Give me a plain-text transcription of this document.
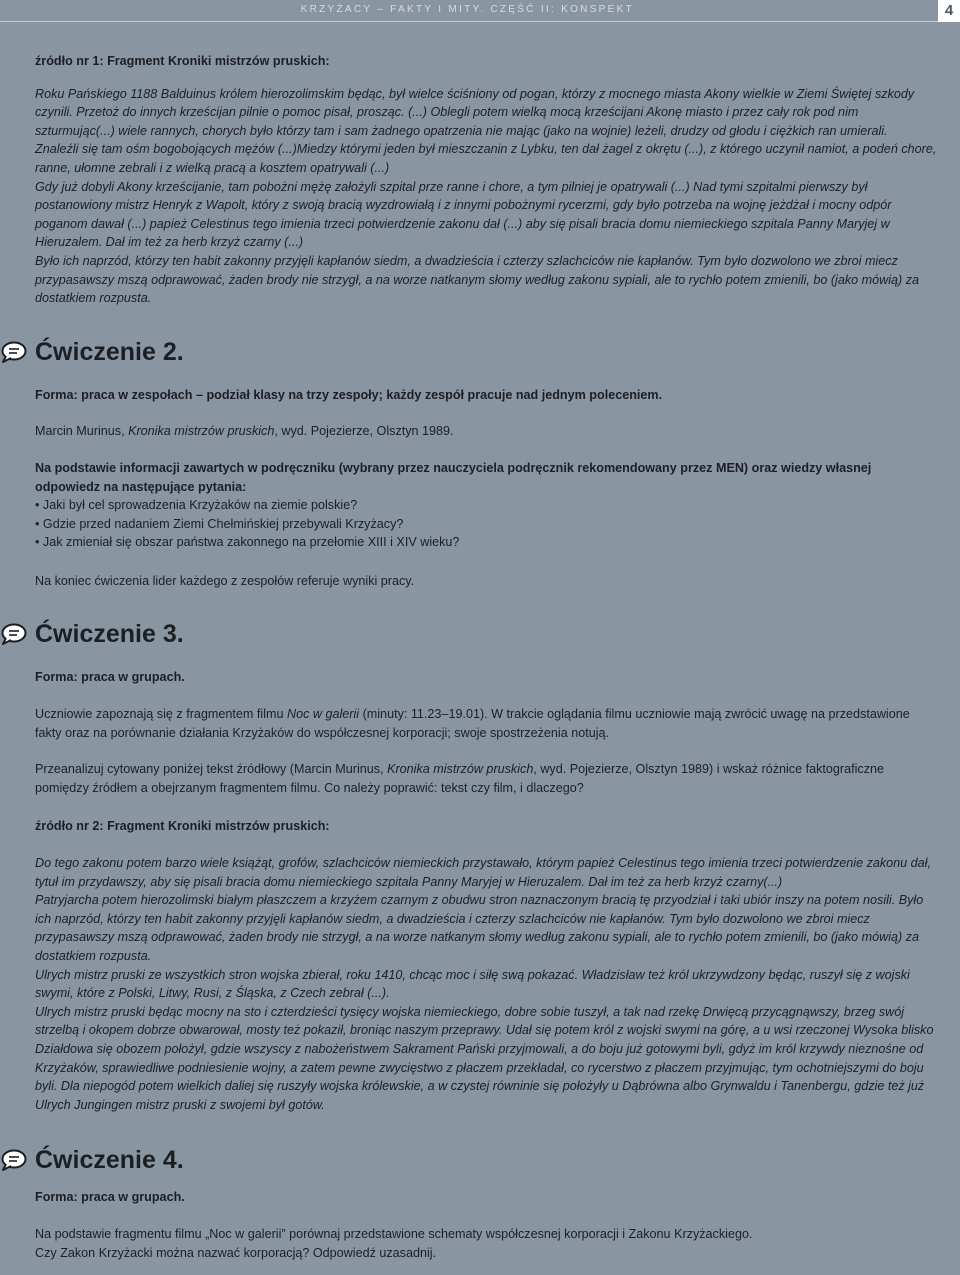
KRZYŻACY – FAKTY I MITY. CZĘŚĆ II: KONSPEKT	4

źródło nr 1: Fragment Kroniki mistrzów pruskich:

Roku Pańskiego 1188 Balduinus królem hierozolimskim będąc, był wielce ściśniony od pogan, którzy z mocnego miasta Akony wielkie w Ziemi Świętej szkody czynili. Przetoż do innych krześcijan pilnie o pomoc pisał, prosząc. (...) Oblegli potem wielką mocą krześcijani Akonę miasto i przez cały rok pod nim szturmując(...) wiele rannych, chorych było którzy tam i sam żadnego opatrzenia nie mając (jako na wojnie) leżeli, drudzy od głodu i ciężkich ran umierali.

Znaleźli się tam ośm bogobojących mężów (...)Miedzy którymi jeden był mieszczanin z Lybku, ten dał żagel z okrętu (...), z którego uczynił namiot, a podeń chore, ranne, ułomne zebrali i z wielką pracą a kosztem opatrywali (...)

Gdy już dobyli Akony krześcijanie, tam pobożni mężę założyli szpital prze ranne i chore, a tym pilniej je opatrywali (...) Nad tymi szpitalmi pierwszy był postanowiony mistrz Henryk z Wapolt, który z swoją bracią wyzdrowiałą i z innymi pobożnymi rycerzmi, gdy było potrzeba na wojnę jeżdżał i mocny odpór poganom dawał (...) papież Celestinus tego imienia trzeci potwierdzenie zakonu dał (...) aby się pisali bracia domu niemieckiego szpitala Panny Maryjej w Hieruzalem. Dał im też za herb krzyż czarny (...)

Było ich naprzód, którzy ten habit zakonny przyjęli kapłanów siedm, a dwadzieścia i czterzy szlachciców nie kapłanów. Tym było dozwolono we zbroi miecz przypasawszy mszą odprawować, żaden brody nie strzygł, a na worze natkanym słomy według zakonu sypiali, ale to rychło potem zmienili, bo (jako mówią) za dostatkiem rozpusta.

Ćwiczenie 2.

Forma: praca w zespołach – podział klasy na trzy zespoły; każdy zespół pracuje nad jednym poleceniem.

Marcin Murinus, Kronika mistrzów pruskich, wyd. Pojezierze, Olsztyn 1989.

Na podstawie informacji zawartych w podręczniku (wybrany przez nauczyciela podręcznik rekomendowany przez MEN) oraz wiedzy własnej odpowiedz na następujące pytania:

• Jaki był cel sprowadzenia Krzyżaków na ziemie polskie?
• Gdzie przed nadaniem Ziemi Chełmińskiej przebywali Krzyżacy?
• Jak zmieniał się obszar państwa zakonnego na przełomie XIII i XIV wieku?

Na koniec ćwiczenia lider każdego z zespołów referuje wyniki pracy.

Ćwiczenie 3.

Forma: praca w grupach.

Uczniowie zapoznają się z fragmentem filmu Noc w galerii (minuty: 11.23–19.01). W trakcie oglądania filmu uczniowie mają zwrócić uwagę na przedstawione fakty oraz na porównanie działania Krzyżaków do współczesnej korporacji; swoje spostrzeżenia notują.

Przeanalizuj cytowany poniżej tekst źródłowy (Marcin Murinus, Kronika mistrzów pruskich, wyd. Pojezierze, Olsztyn 1989) i wskaż różnice faktograficzne pomiędzy źródłem a obejrzanym fragmentem filmu. Co należy poprawić: tekst czy film, i dlaczego?

źródło nr 2: Fragment Kroniki mistrzów pruskich:

Do tego zakonu potem barzo wiele książąt, grofów, szlachciców niemieckich przystawało, którym papież Celestinus tego imienia trzeci potwierdzenie zakonu dał, tytuł im przydawszy, aby się pisali bracia domu niemieckiego szpitala Panny Maryjej w Hieruzalem. Dał im też za herb krzyż czarny(...)

Patryjarcha potem hierozolimski białym płaszczem a krzyżem czarnym z obudwu stron naznaczonym bracią tę przyodział i taki ubiór inszy na potem nosili. Było ich naprzód, którzy ten habit zakonny przyjęli kapłanów siedm, a dwadzieścia i czterzy szlachciców nie kapłanów. Tym było dozwolono we zbroi miecz przypasawszy mszą odprawować, żaden brody nie strzygł, a na worze natkanym słomy według zakonu sypiali, ale to rychło potem zmienili, bo (jako mówią) za dostatkiem rozpusta.

Ulrych mistrz pruski ze wszystkich stron wojska zbierał, roku 1410, chcąc moc i siłę swą pokazać. Władzisław też król ukrzywdzony będąc, ruszył się z wojski swymi, które z Polski, Litwy, Rusi, z Śląska, z Czech zebrał (...).

Ulrych mistrz pruski będąc mocny na sto i czterdzieści tysięcy wojska niemieckiego, dobre sobie tuszył, a tak nad rzekę Drwięcą przycągnąwszy, brzeg swój strzelbą i okopem dobrze obwarował, mosty też pokaził, broniąc naszym przeprawy. Udał się potem król z wojski swymi na górę, a u wsi rzeczonej Wysoka blisko Działdowa się obozem położył, gdzie wszyscy z nabożeństwem Sakrament Pański przyjmowali, a do boju już gotowymi byli, gdyż im król krzywdy nieznośne od Krzyżaków, sprawiedliwe podniesienie wojny, a zatem pewne zwycięstwo z płaczem przekładał, co rycerstwo z płaczem przyjmując, tym ochotniejszymi do boju byli. Dla niepogód potem wielkich daliej się ruszyły wojska królewskie, a w czystej równinie się położyły u Dąbrówna albo Grynwaldu i Tanenbergu, gdzie też już Ulrych Jungingen mistrz pruski z swojemi był gotów.

Ćwiczenie 4.

Forma: praca w grupach.

Na podstawie fragmentu filmu „Noc w galerii” porównaj przedstawione schematy współczesnej korporacji i Zakonu Krzyżackiego.

Czy Zakon Krzyżacki można nazwać korporacją? Odpowiedź uzasadnij.
